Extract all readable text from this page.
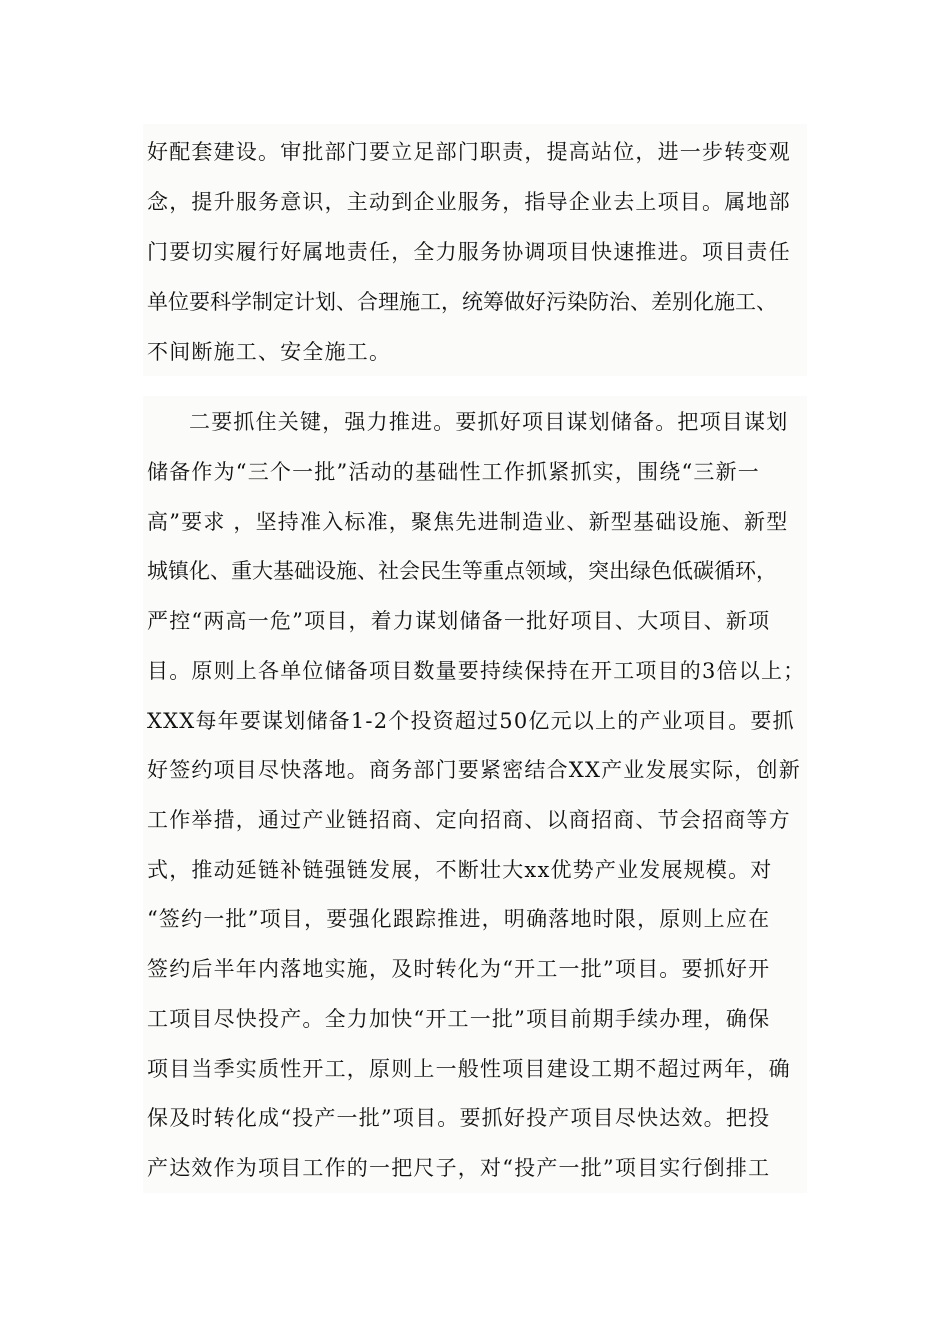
好配套建设。审批部门要立足部门职责，提高站位，进一步转变观
念，提升服务意识，主动到企业服务，指导企业去上项目。属地部
门要切实履行好属地责任，全力服务协调项目快速推进。项目责任
单位要科学制定计划、合理施工，统筹做好污染防治、差别化施工、
不间断施工、安全施工。
二要抓住关键，强力推进。要抓好项目谋划储备。把项目谋划
储备作为“三个一批”活动的基础性工作抓紧抓实，围绕“三新一
高”要求 ，坚持准入标准，聚焦先进制造业、新型基础设施、新型
城镇化、重大基础设施、社会民生等重点领域，突出绿色低碳循环，
严控“两高一危”项目，着力谋划储备一批好项目、大项目、新项
目。原则上各单位储备项目数量要持续保持在开工项目的3倍以上；
XXX每年要谋划储备1-2个投资超过50亿元以上的产业项目。要抓
好签约项目尽快落地。商务部门要紧密结合XX产业发展实际，创新
工作举措，通过产业链招商、定向招商、以商招商、节会招商等方
式，推动延链补链强链发展，不断壮大xx优势产业发展规模。对
“签约一批”项目，要强化跟踪推进，明确落地时限，原则上应在
签约后半年内落地实施，及时转化为“开工一批”项目。要抓好开
工项目尽快投产。全力加快“开工一批”项目前期手续办理，确保
项目当季实质性开工，原则上一般性项目建设工期不超过两年，确
保及时转化成“投产一批”项目。要抓好投产项目尽快达效。把投
产达效作为项目工作的一把尺子，对“投产一批”项目实行倒排工
